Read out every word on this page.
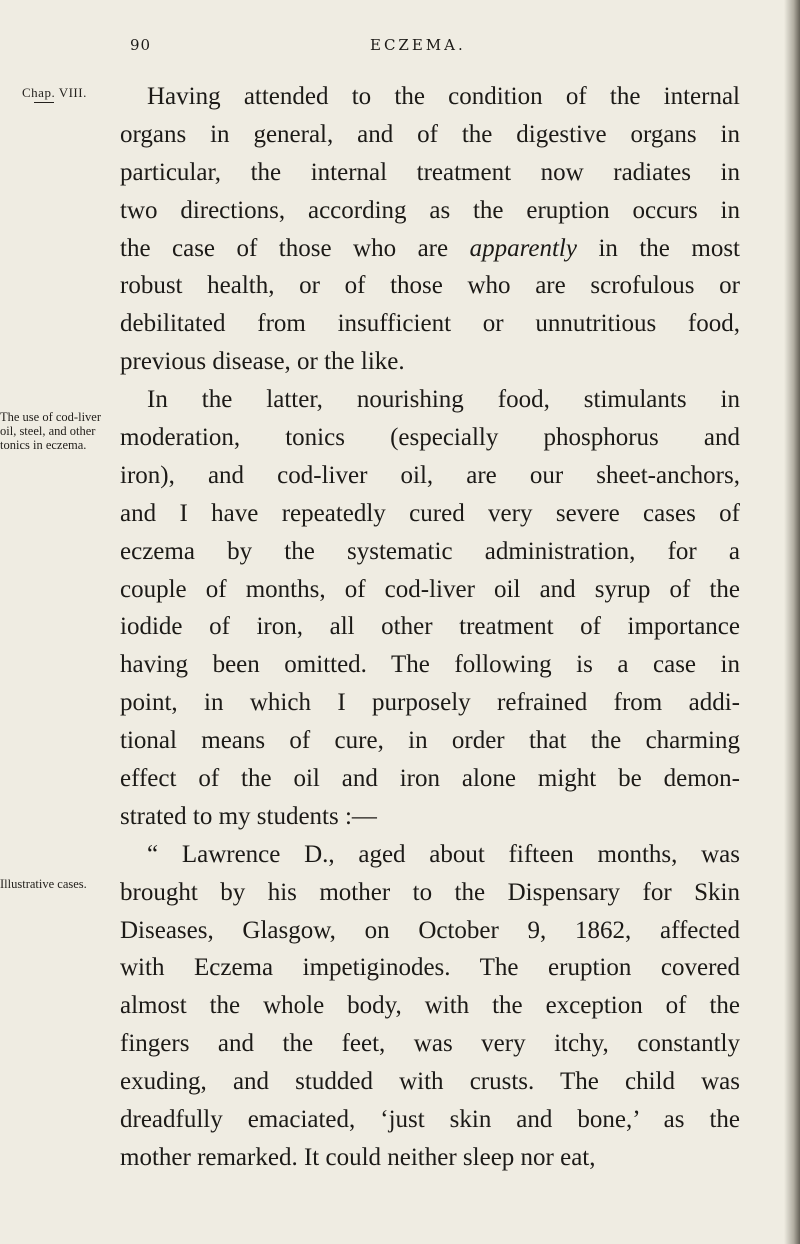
90	ECZEMA.
Chap. VIII.
The use of cod-liver
oil, steel, and other
tonics in eczema.
Illustrative cases.
Having attended to the condition of the internal
organs in general, and of the digestive organs in
particular, the internal treatment now radiates in
two directions, according as the eruption occurs in
the case of those who are apparently in the most
robust health, or of those who are scrofulous or
debilitated from insufficient or unnutritious food,
previous disease, or the like.
In the latter, nourishing food, stimulants in
moderation, tonics (especially phosphorus and
iron), and cod-liver oil, are our sheet-anchors,
and I have repeatedly cured very severe cases of
eczema by the systematic administration, for a
couple of months, of cod-liver oil and syrup of the
iodide of iron, all other treatment of importance
having been omitted. The following is a case in
point, in which I purposely refrained from addi-
tional means of cure, in order that the charming
effect of the oil and iron alone might be demon-
strated to my students :—
“ Lawrence D., aged about fifteen months, was
brought by his mother to the Dispensary for Skin
Diseases, Glasgow, on October 9, 1862, affected
with Eczema impetiginodes. The eruption covered
almost the whole body, with the exception of the
fingers and the feet, was very itchy, constantly
exuding, and studded with crusts. The child was
dreadfully emaciated, ‘just skin and bone,’ as the
mother remarked. It could neither sleep nor eat,
